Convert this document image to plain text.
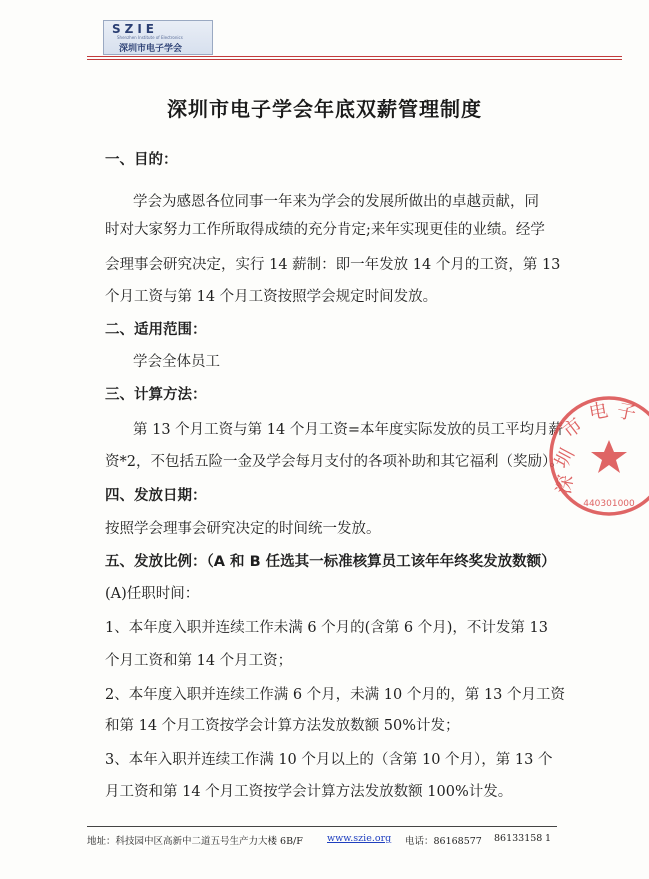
SZIE
Shenzhen Institute of Electronics
深圳市电子学会
深圳市电子学会年底双薪管理制度
一、目的：
学会为感恩各位同事一年来为学会的发展所做出的卓越贡献，同
时对大家努力工作所取得成绩的充分肯定;来年实现更佳的业绩。经学
会理事会研究决定，实行 14 薪制：即一年发放 14 个月的工资，第 13
个月工资与第 14 个月工资按照学会规定时间发放。
二、适用范围：
学会全体员工
三、计算方法：
第 13 个月工资与第 14 个月工资=本年度实际发放的员工平均月薪
资*2，不包括五险一金及学会每月支付的各项补助和其它福利（奖励）。
四、发放日期：
按照学会理事会研究决定的时间统一发放。
五、发放比例：（A 和 B 任选其一标准核算员工该年年终奖发放数额）
(A)任职时间：
1、本年度入职并连续工作未满 6 个月的(含第 6 个月)，不计发第 13
个月工资和第 14 个月工资；
2、本年度入职并连续工作满 6 个月，未满 10 个月的，第 13 个月工资
和第 14 个月工资按学会计算方法发放数额 50%计发；
3、本年入职并连续工作满 10 个月以上的（含第 10 个月），第 13 个
月工资和第 14 个月工资按学会计算方法发放数额 100%计发。
圳
市
电 子
深
440301000
地址：科技园中区高新中二道五号生产力大楼 6B/F	www.szie.org 电话：86168577 86133158 1
